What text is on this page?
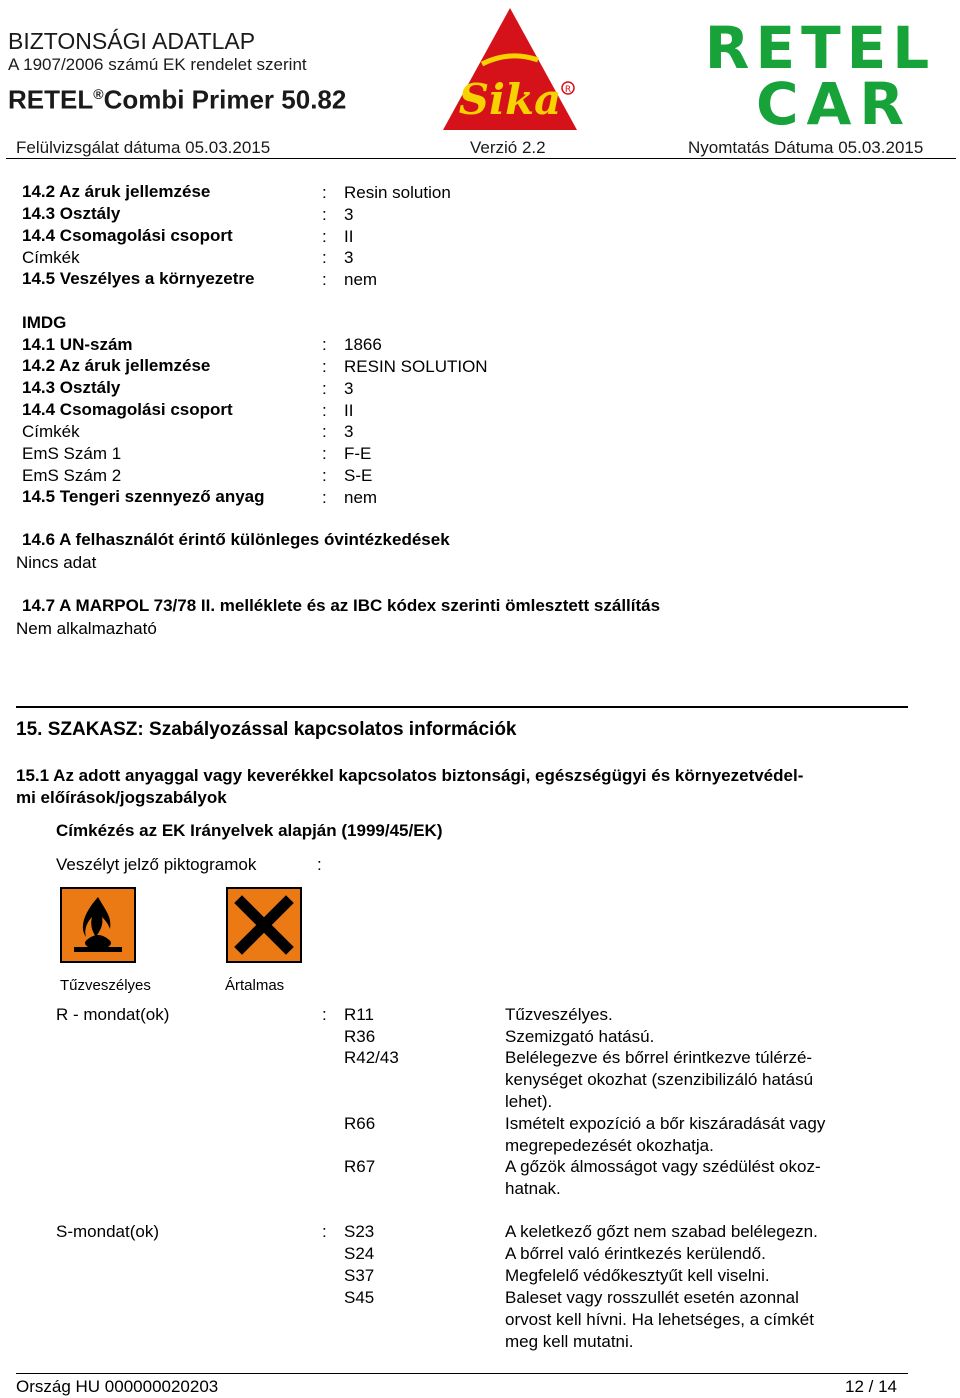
BIZTONSÁGI ADATLAP
A 1907/2006 számú EK rendelet szerint
RETEL®Combi Primer 50.82	Sika R
RETEL
CAR
Felülvizsgálat dátuma 05.03.2015	Verzió 2.2	Nyomtatás Dátuma 05.03.2015
14.2 Az áruk jellemzése	: Resin solution
14.3 Osztály	: 3
14.4 Csomagolási csoport	: II
Címkék	: 3
14.5 Veszélyes a környezetre	: nem
IMDG
14.1 UN-szám	: 1866
14.2 Az áruk jellemzése	: RESIN SOLUTION
14.3 Osztály	: 3
14.4 Csomagolási csoport	: II
Címkék	: 3
EmS Szám 1	: F-E
EmS Szám 2	: S-E
14.5 Tengeri szennyező anyag	: nem
14.6 A felhasználót érintő különleges óvintézkedések
Nincs adat
14.7 A MARPOL 73/78 II. melléklete és az IBC kódex szerinti ömlesztett szállítás
Nem alkalmazható
15. SZAKASZ: Szabályozással kapcsolatos információk
15.1 Az adott anyaggal vagy keverékkel kapcsolatos biztonsági, egészségügyi és környezetvédel-
mi előírások/jogszabályok
Címkézés az EK Irányelvek alapján (1999/45/EK)
Veszélyt jelző piktogramok	:
Tűzveszélyes	Ártalmas
R - mondat(ok)	: R11	Tűzveszélyes.
R36	Szemizgató hatású.
R42/43	Belélegezve és bőrrel érintkezve túlérzé-
kenységet okozhat (szenzibilizáló hatású
lehet).
R66	Ismételt expozíció a bőr kiszáradását vagy
megrepedezését okozhatja.
R67	A gőzök álmosságot vagy szédülést okoz-
hatnak.
S-mondat(ok)	: S23	A keletkező gőzt nem szabad belélegezn.
S24	A bőrrel való érintkezés kerülendő.
S37	Megfelelő védőkesztyűt kell viselni.
S45	Baleset vagy rosszullét esetén azonnal
orvost kell hívni. Ha lehetséges, a címkét
meg kell mutatni.
Ország HU 000000020203	12 / 14
